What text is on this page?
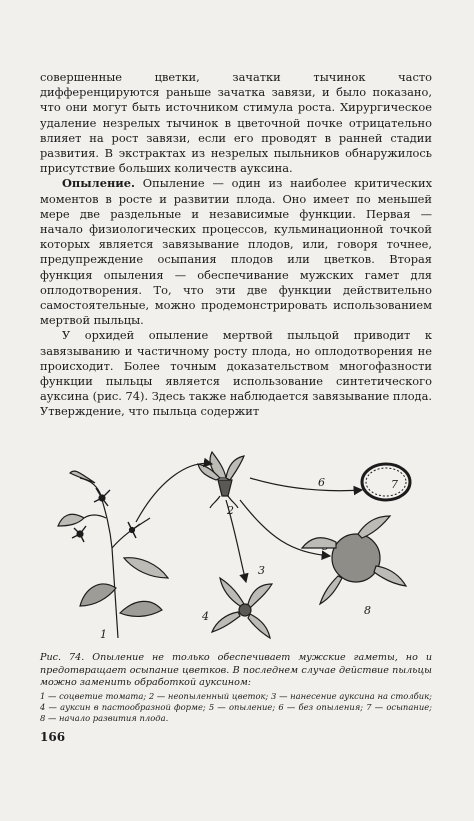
совершенные цветки, зачатки тычинок часто дифференцируются раньше зачатка завязи, и было показано, что они могут быть источником стимула роста. Хирургическое удаление незрелых тычинок в цветочной почке отрицательно влияет на рост завязи, если его проводят в ранней стадии развития. В экстрактах из незрелых пыльников обнаружилось присутствие больших количеств ауксина.

Опыление. Опыление — один из наиболее критических моментов в росте и развитии плода. Оно имеет по меньшей мере две раздельные и независимые функции. Первая — начало физиологических процессов, кульминационной точкой которых является завязывание плодов, или, говоря точнее, предупреждение осыпания плодов или цветков. Вторая функция опыления — обеспечивание мужских гамет для оплодотворения. То, что эти две функции действительно самостоятельные, можно продемонстрировать использованием мертвой пыльцы.

У орхидей опыление мертвой пыльцой приводит к завязыванию и частичному росту плода, но оплодотворения не происходит. Более точным доказательством многофазности функции пыльцы является использование синтетического ауксина (рис. 74). Здесь также наблюдается завязывание плода. Утверждение, что пыльца содержит

1
2
6
3
7
4	8

Рис. 74. Опыление не только обеспечивает мужские гаметы, но и предотвращает осыпание цветков. В последнем случае действие пыльцы можно заменить обработкой ауксином:

1 — соцветие томата; 2 — неопыленный цветок; 3 — нанесение ауксина на столбик; 4 — ауксин в пастообразной форме; 5 — опыление; 6 — без опыления; 7 — осыпание; 8 — начало развития плода.

166
